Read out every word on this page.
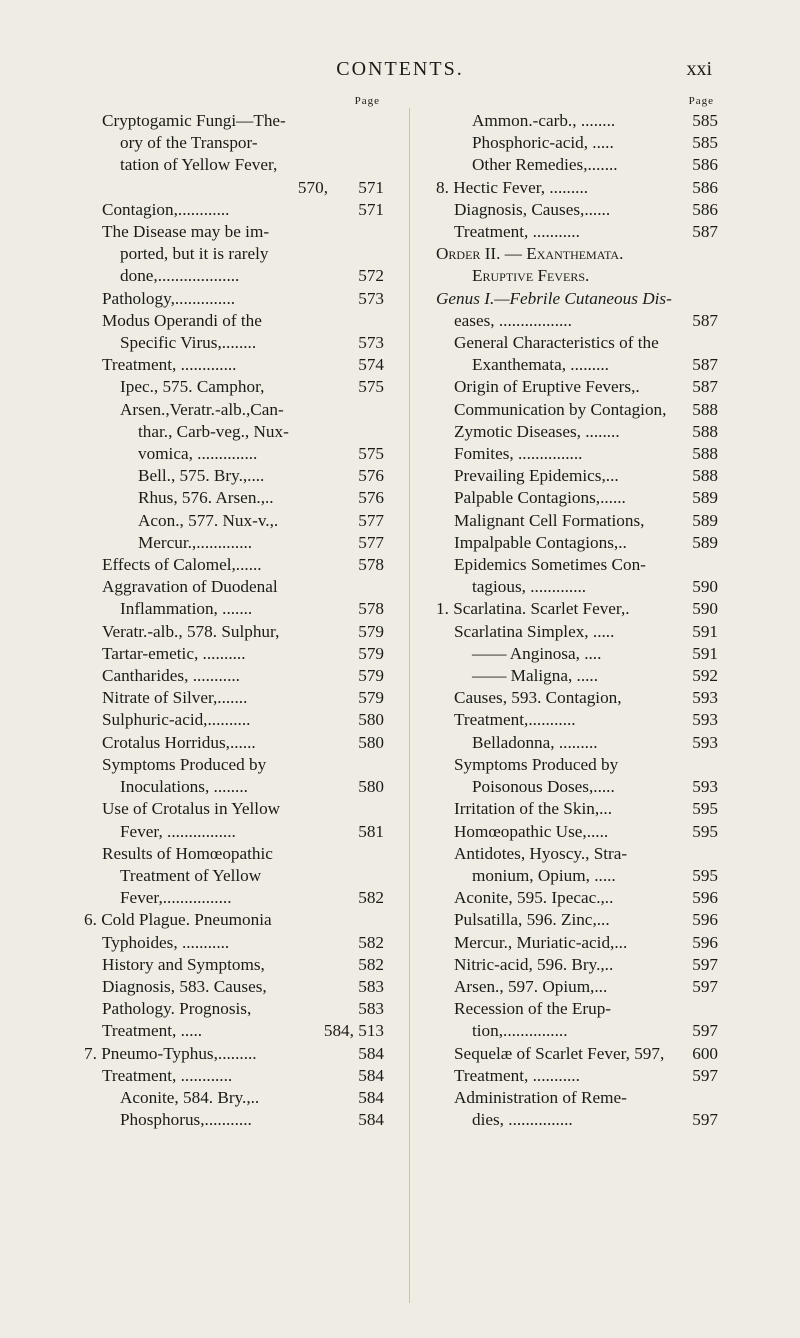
CONTENTS.	xxi
Page
Cryptogamic Fungi—The-
ory of the Transpor-
tation of Yellow Fever,
570, 571
Contagion,............	571
The Disease may be im-
ported, but it is rarely
done,...................	572
Pathology,..............	573
Modus Operandi of the
Specific Virus,........	573
Treatment, .............	574
Ipec., 575. Camphor,	575
Arsen.,Veratr.-alb.,Can-
thar., Carb-veg., Nux-
vomica, ..............	575
Bell., 575. Bry.,....	576
Rhus, 576. Arsen.,..	576
Acon., 577. Nux-v.,.	577
Mercur.,.............	577
Effects of Calomel,......	578
Aggravation of Duodenal
Inflammation, .......	578
Veratr.-alb., 578. Sulphur,	579
Tartar-emetic, ..........	579
Cantharides, ...........	579
Nitrate of Silver,.......	579
Sulphuric-acid,..........	580
Crotalus Horridus,......	580
Symptoms Produced by
Inoculations, ........	580
Use of Crotalus in Yellow
Fever, ................	581
Results of Homœopathic
Treatment of Yellow
Fever,................	582
6. Cold Plague. Pneumonia
Typhoides, ...........	582
History and Symptoms,	582
Diagnosis, 583. Causes,	583
Pathology. Prognosis,	583
Treatment, .....	584, 513
7. Pneumo-Typhus,.........	584
Treatment, ............	584
Aconite, 584. Bry.,..	584
Phosphorus,...........	584
Page
Ammon.-carb., ........	585
Phosphoric-acid, .....	585
Other Remedies,.......	586
8. Hectic Fever, .........	586
Diagnosis, Causes,......	586
Treatment, ...........	587
Order II. — Exanthemata.
Eruptive Fevers.
Genus I.—Febrile Cutaneous Dis-
eases, .................	587
General Characteristics of the
Exanthemata, .........	587
Origin of Eruptive Fevers,.	587
Communication by Contagion, 588
Zymotic Diseases, ........	588
Fomites, ...............	588
Prevailing Epidemics,...	588
Palpable Contagions,......	589
Malignant Cell Formations,	589
Impalpable Contagions,..	589
Epidemics Sometimes Con-
tagious, .............	590
1. Scarlatina. Scarlet Fever,.	590
Scarlatina Simplex, .....	591
—— Anginosa, ....	591
—— Maligna, .....	592
Causes, 593. Contagion,	593
Treatment,...........	593
Belladonna, .........	593
Symptoms Produced by
Poisonous Doses,.....	593
Irritation of the Skin,...	595
Homœopathic Use,.....	595
Antidotes, Hyoscy., Stra-
monium, Opium, .....	595
Aconite, 595. Ipecac.,..	596
Pulsatilla, 596. Zinc,...	596
Mercur., Muriatic-acid,...	596
Nitric-acid, 596. Bry.,..	597
Arsen., 597. Opium,...	597
Recession of the Erup-
tion,...............	597
Sequelæ of Scarlet Fever, 597, 600
Treatment, ...........	597
Administration of Reme-
dies, ...............	597
